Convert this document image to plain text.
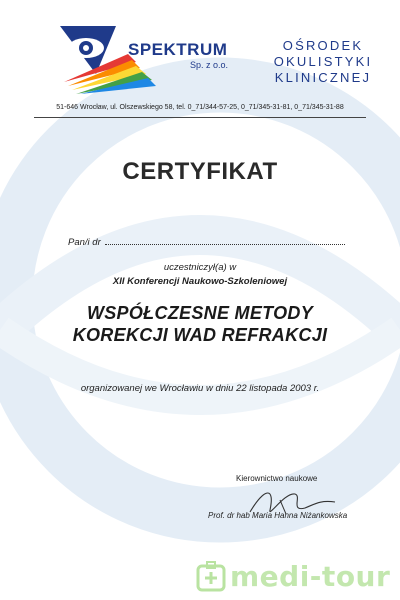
SPEKTRUM
Sp. z o.o.
OŚRODEK
OKULISTYKI
KLINICZNEJ
51-646 Wrocław, ul. Olszewskiego 58, tel. 0_71/344-57-25, 0_71/345-31-81, 0_71/345-31-88
CERTYFIKAT
Pan/i dr
uczestniczył(a) w
XII Konferencji Naukowo-Szkoleniowej
WSPÓŁCZESNE METODY
KOREKCJI WAD REFRAKCJI
organizowanej we Wrocławiu w dniu 22 listopada 2003 r.
Kierownictwo naukowe
Prof. dr hab Maria Hanna Niżankowska
medi-tour
